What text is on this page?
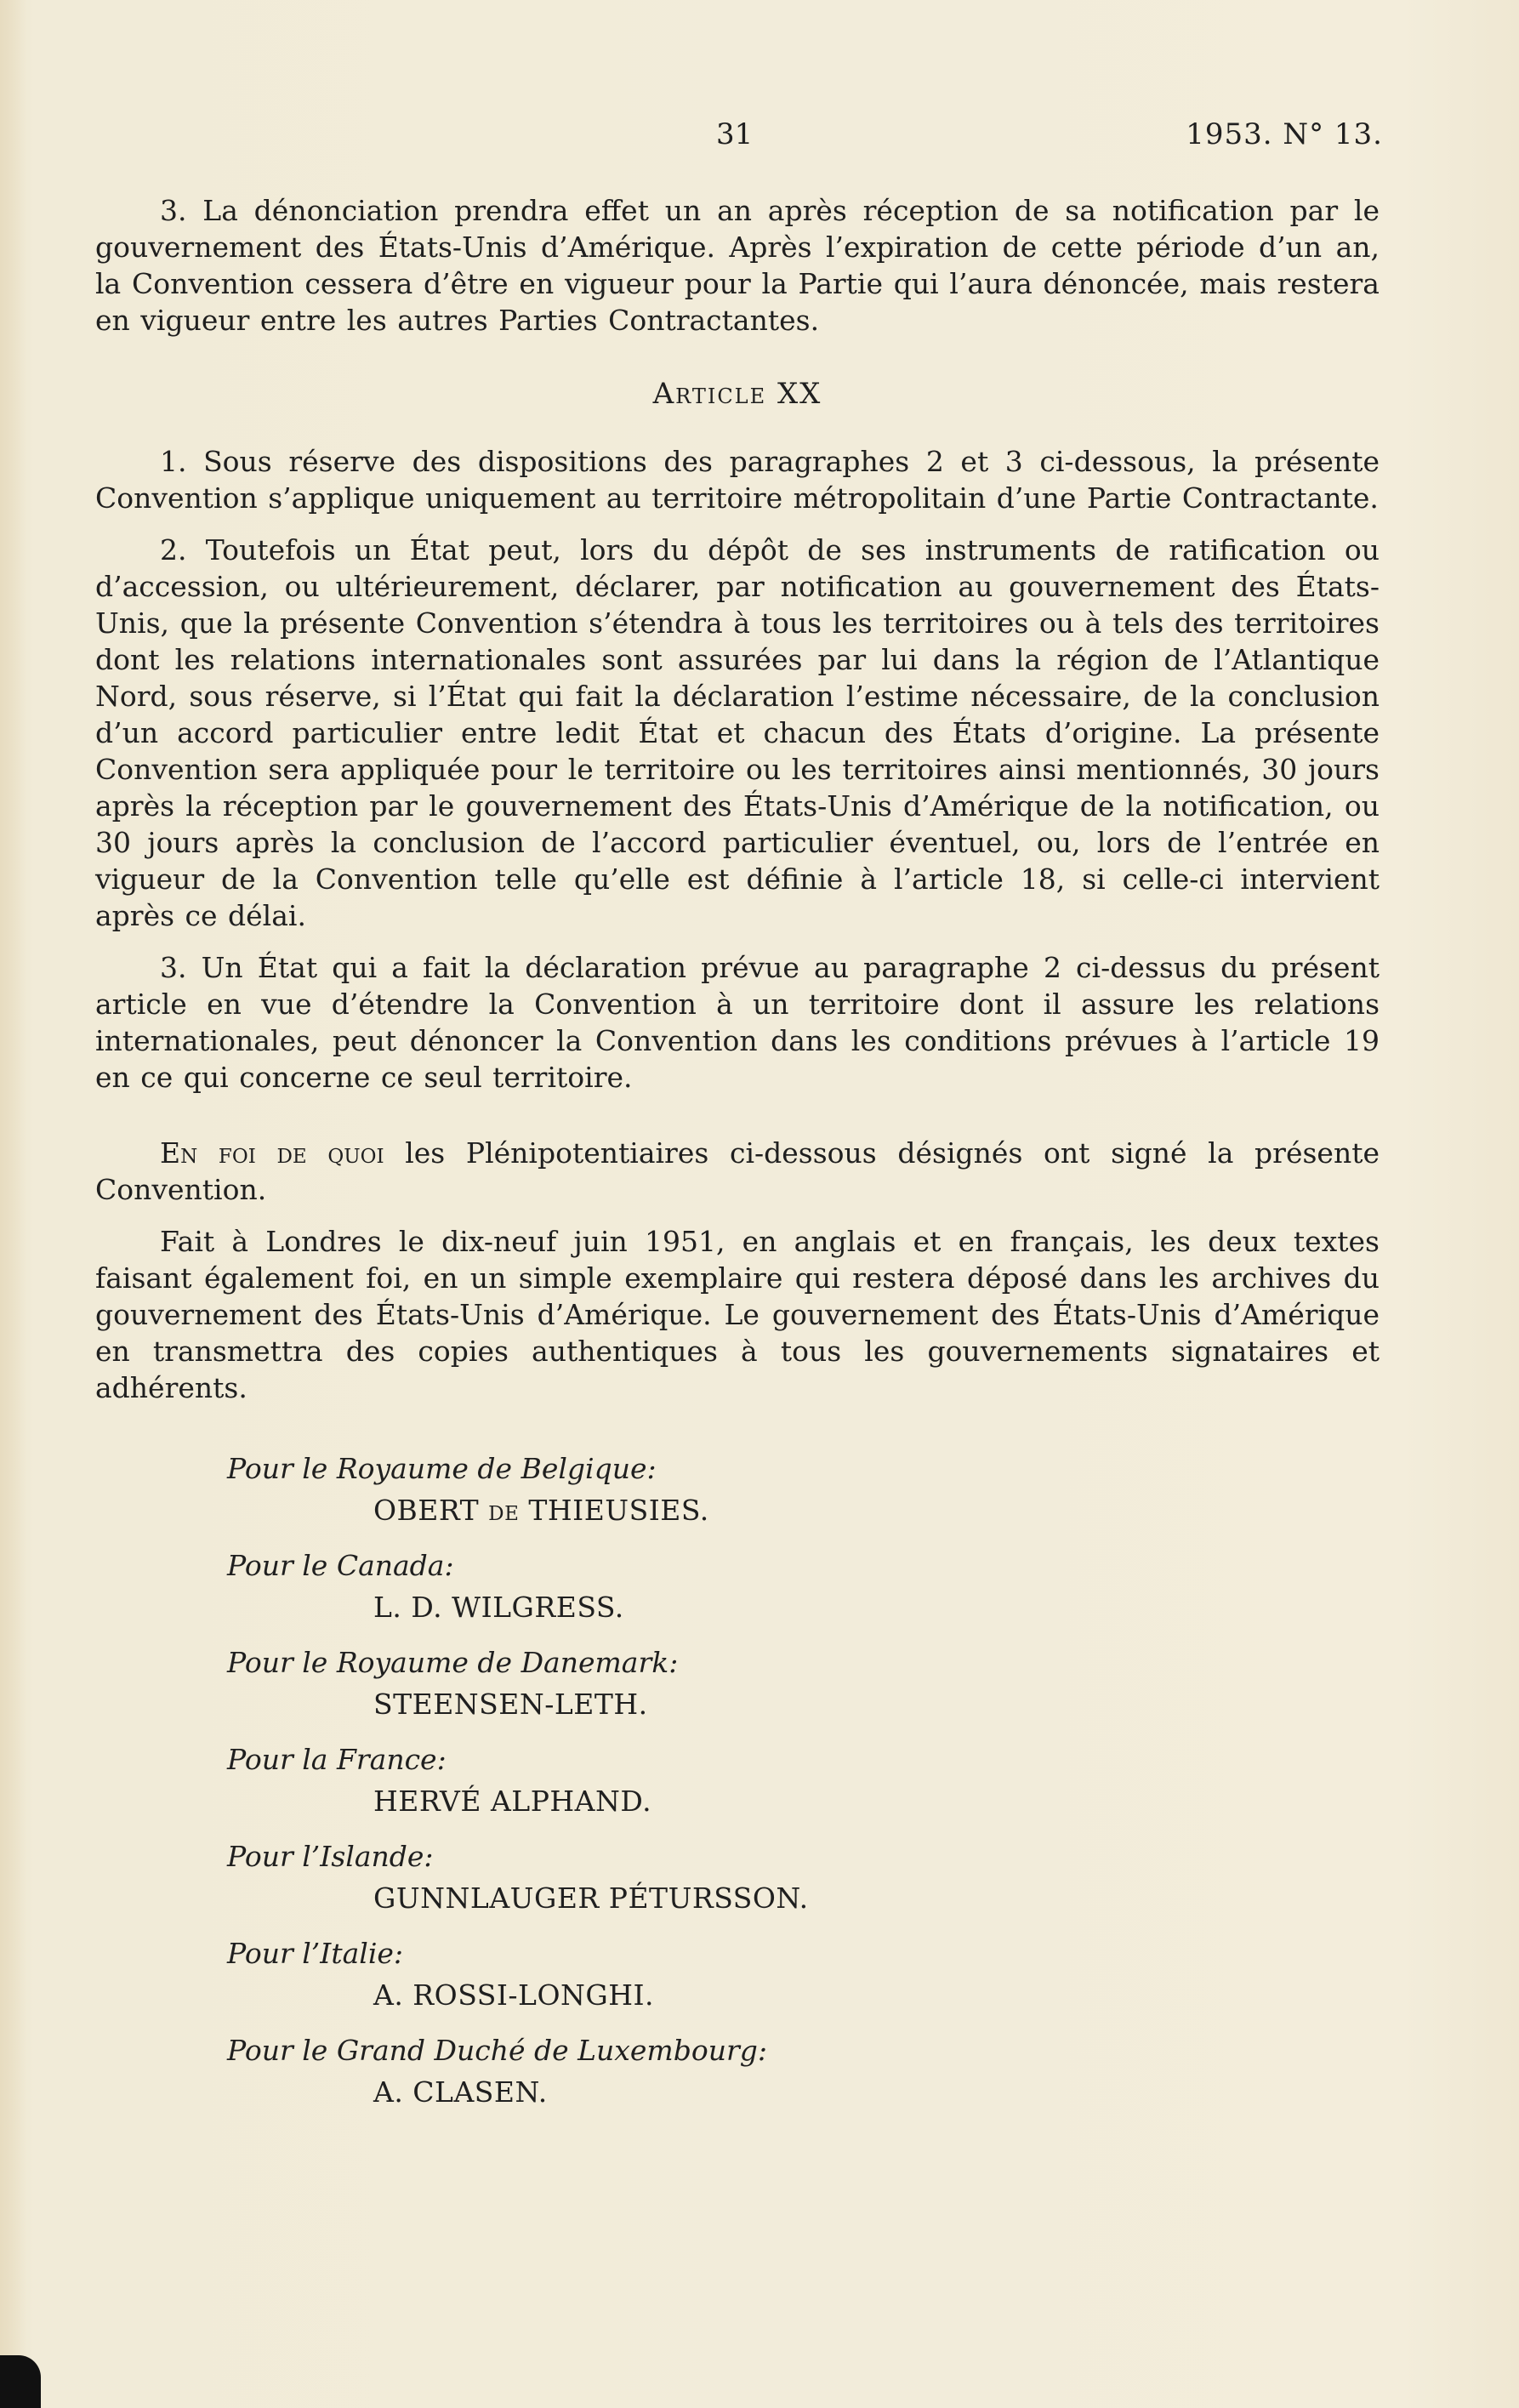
31	1953. N° 13.

3. La dénonciation prendra effet un an après réception de sa notification par le gouvernement des États-Unis d’Amérique. Après l’expiration de cette période d’un an, la Convention cessera d’être en vigueur pour la Partie qui l’aura dénoncée, mais restera en vigueur entre les autres Parties Contractantes.

Article XX

1. Sous réserve des dispositions des paragraphes 2 et 3 ci-dessous, la présente Convention s’applique uniquement au territoire métropolitain d’une Partie Contractante.

2. Toutefois un État peut, lors du dépôt de ses instruments de ratification ou d’accession, ou ultérieurement, déclarer, par notification au gouvernement des États-Unis, que la présente Convention s’étendra à tous les territoires ou à tels des territoires dont les relations internationales sont assurées par lui dans la région de l’Atlantique Nord, sous réserve, si l’État qui fait la déclaration l’estime nécessaire, de la conclusion d’un accord particulier entre ledit État et chacun des États d’origine. La présente Convention sera appliquée pour le territoire ou les territoires ainsi mentionnés, 30 jours après la réception par le gouvernement des États-Unis d’Amérique de la notification, ou 30 jours après la conclusion de l’accord particulier éventuel, ou, lors de l’entrée en vigueur de la Convention telle qu’elle est définie à l’article 18, si celle-ci intervient après ce délai.

3. Un État qui a fait la déclaration prévue au paragraphe 2 ci-dessus du présent article en vue d’étendre la Convention à un territoire dont il assure les relations internationales, peut dénoncer la Convention dans les conditions prévues à l’article 19 en ce qui concerne ce seul territoire.

En foi de quoi les Plénipotentiaires ci-dessous désignés ont signé la présente Convention.

Fait à Londres le dix-neuf juin 1951, en anglais et en français, les deux textes faisant également foi, en un simple exemplaire qui restera déposé dans les archives du gouvernement des États-Unis d’Amérique. Le gouvernement des États-Unis d’Amérique en transmettra des copies authentiques à tous les gouvernements signataires et adhérents.

Pour le Royaume de Belgique:
OBERT de THIEUSIES.
Pour le Canada:
L. D. WILGRESS.
Pour le Royaume de Danemark:
STEENSEN-LETH.
Pour la France:
HERVÉ ALPHAND.
Pour l’Islande:
GUNNLAUGER PÉTURSSON.
Pour l’Italie:
A. ROSSI-LONGHI.
Pour le Grand Duché de Luxembourg:
A. CLASEN.
